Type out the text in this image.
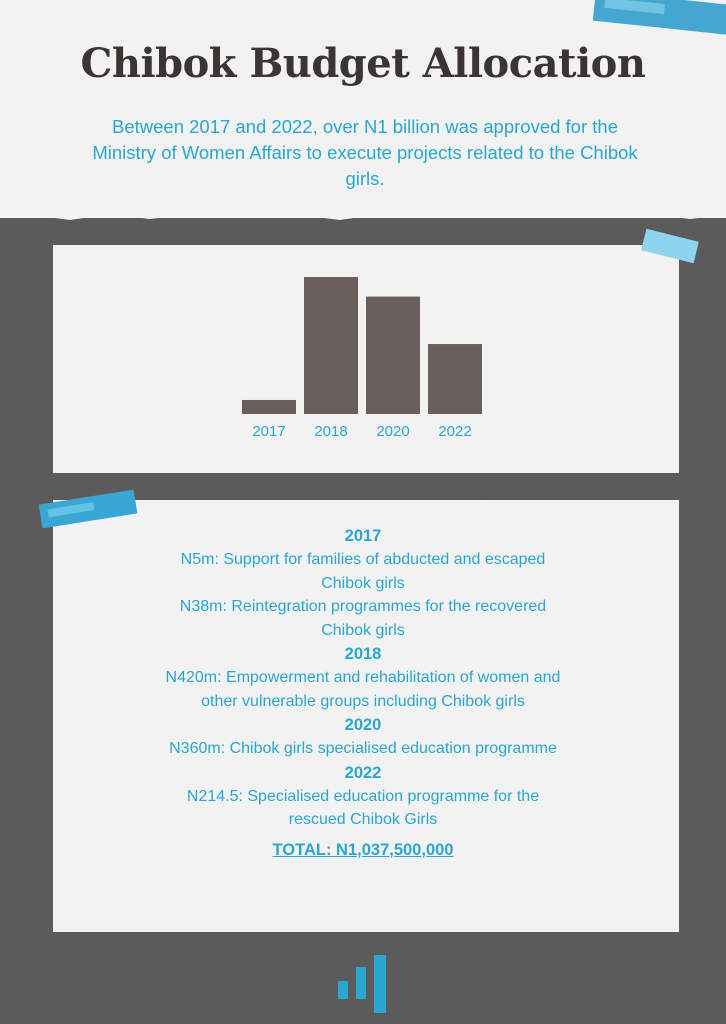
Chibok Budget Allocation

Between 2017 and 2022, over N1 billion was approved for the Ministry of Women Affairs to execute projects related to the Chibok girls.

2017 2018 2020 2022
2017
N5m: Support for families of abducted and escaped Chibok girls
N38m: Reintegration programmes for the recovered Chibok girls
2018
N420m: Empowerment and rehabilitation of women and other vulnerable groups including Chibok girls
2020
N360m: Chibok girls specialised education programme
2022
N214.5: Specialised education programme for the rescued Chibok Girls
TOTAL: N1,037,500,000
